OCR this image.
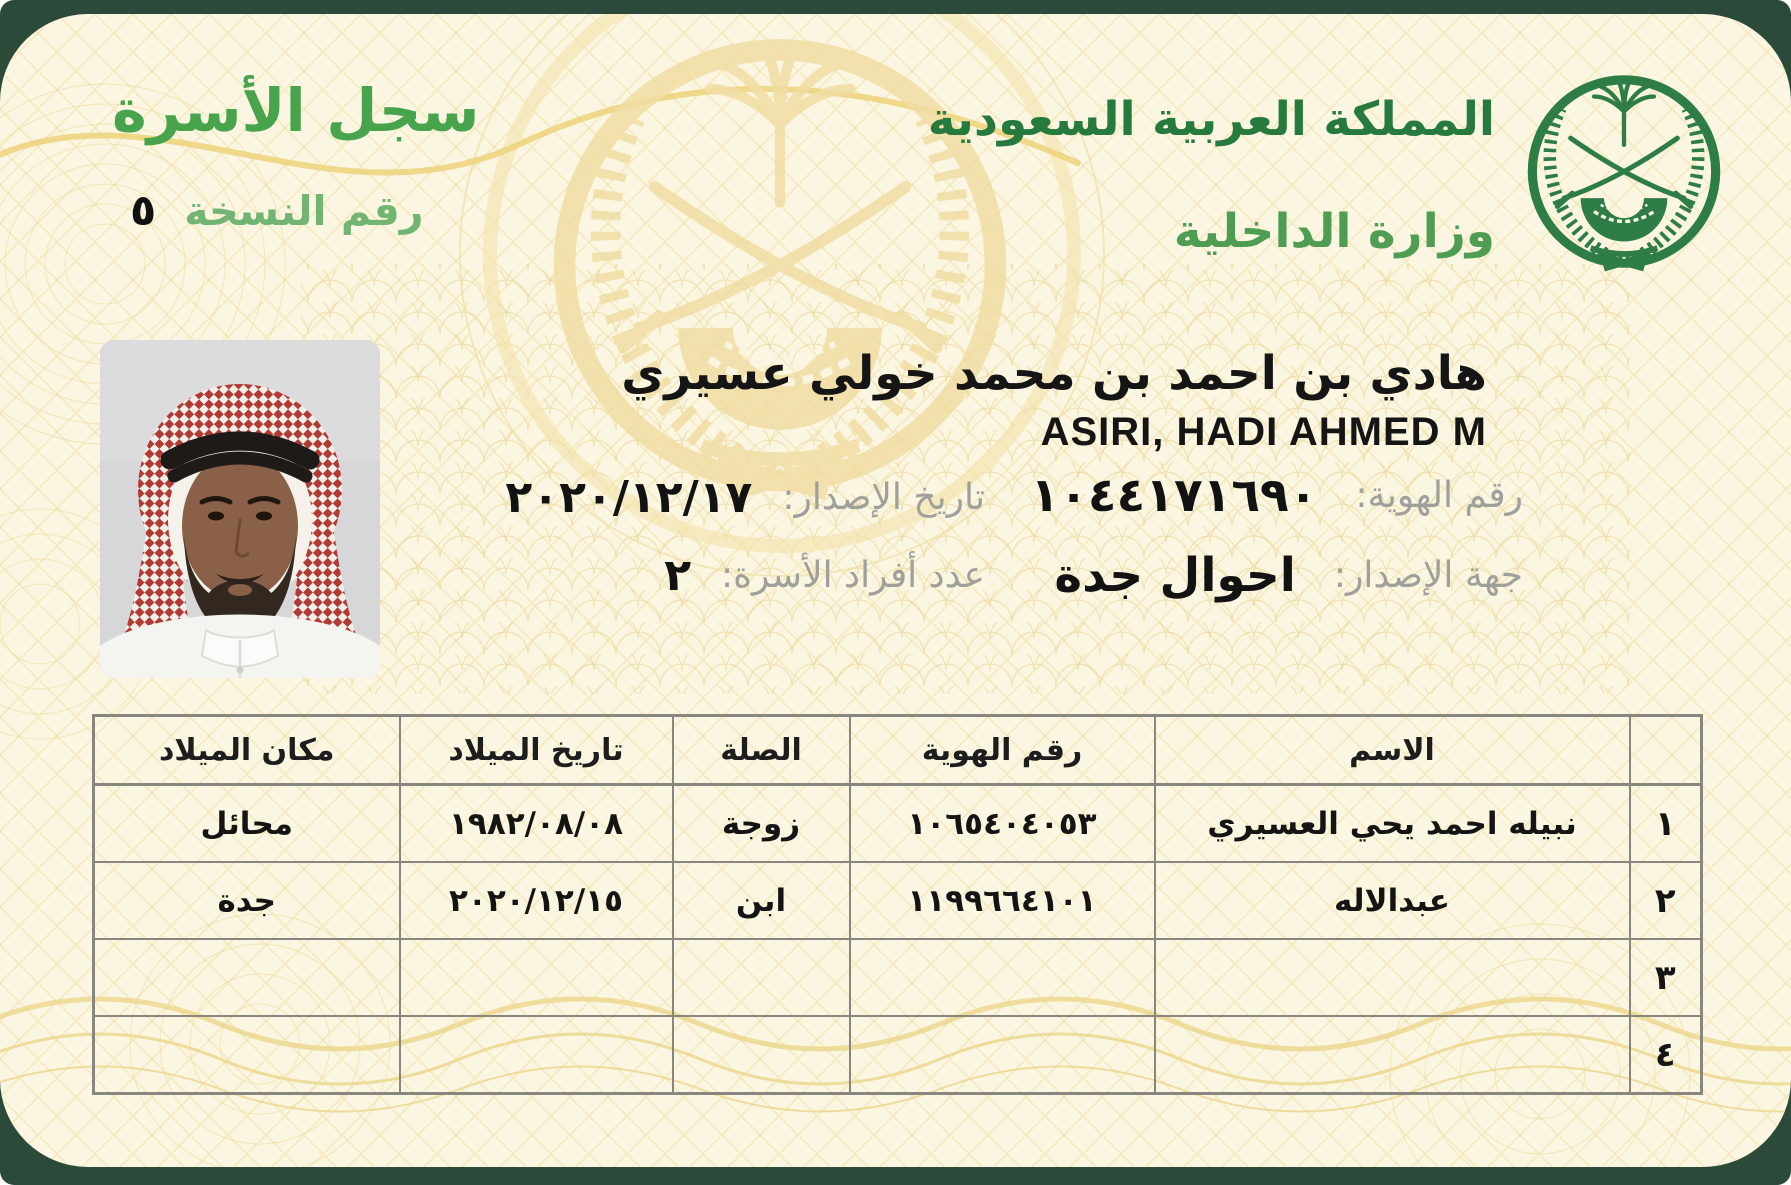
سجل الأسرة
رقم النسخة
٥
المملكة العربية السعودية
وزارة الداخلية
هادي بن احمد بن محمد خولي عسيري
ASIRI, HADI AHMED M
رقم الهوية:
١٠٤٤١٧١٦٩٠
تاريخ الإصدار:
٢٠٢٠/١٢/١٧
جهة الإصدار:
احوال جدة
عدد أفراد الأسرة:
٢
	الاسم	رقم الهوية	الصلة	تاريخ الميلاد	مكان الميلاد
١	نبيله احمد يحي العسيري	١٠٦٥٤٠٤٠٥٣	زوجة	١٩٨٢/٠٨/٠٨	محائل
٢	عبدالاله	١١٩٩٦٦٤١٠١	ابن	٢٠٢٠/١٢/١٥	جدة
٣					
٤					
